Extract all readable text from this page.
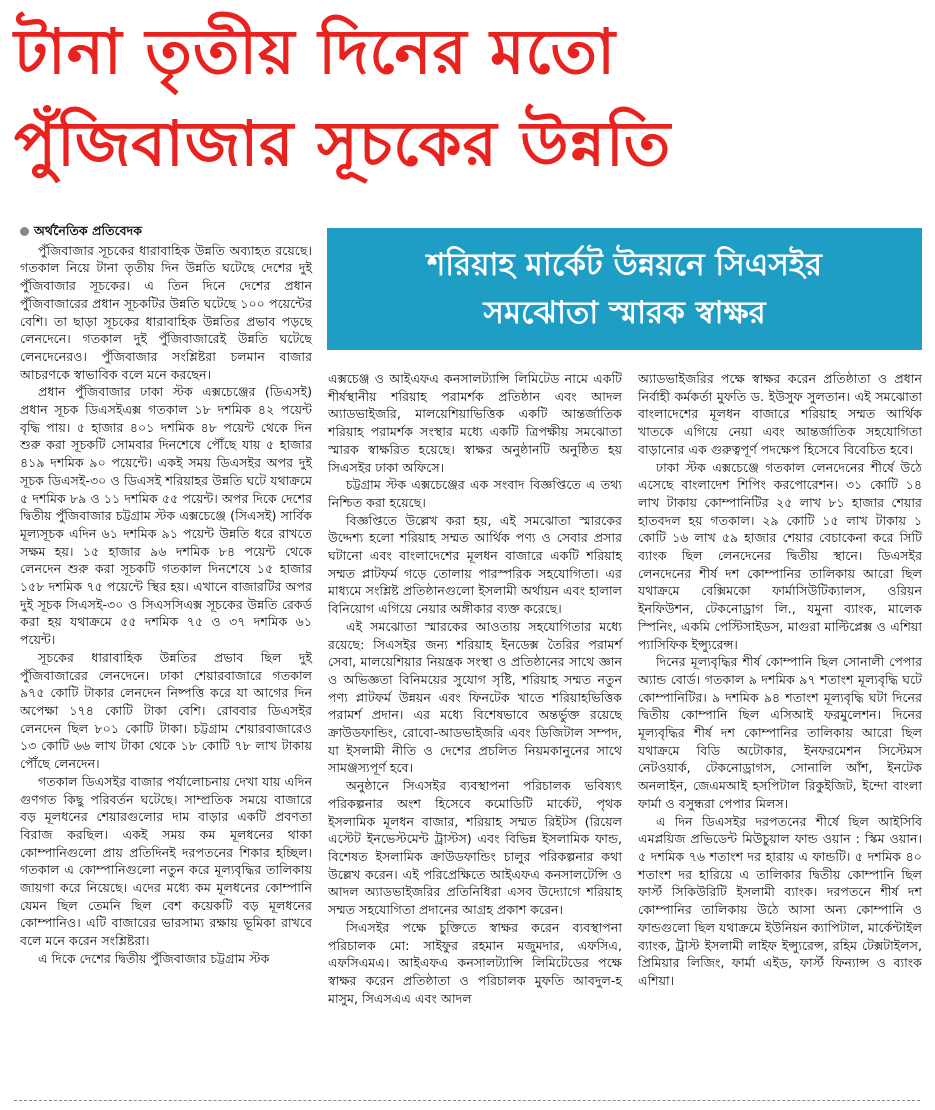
টানা তৃতীয় দিনের মতো
পুঁজিবাজার সূচকের উন্নতি
শরিয়াহ মার্কেট উন্নয়নে সিএসইর
সমঝোতা স্মারক স্বাক্ষর

অর্থনৈতিক প্রতিবেদক

পুঁজিবাজার সূচকের ধারাবাহিক উন্নতি অব্যাহত রয়েছে। গতকাল নিয়ে টানা তৃতীয় দিন উন্নতি ঘটেছে দেশের দুই পুঁজিবাজার সূচকের। এ তিন দিনে দেশের প্রধান পুঁজিবাজারের প্রধান সূচকটির উন্নতি ঘটেছে ১০০ পয়েন্টের বেশি। তা ছাড়া সূচকের ধারাবাহিক উন্নতির প্রভাব পড়ছে লেনদেনে। গতকাল দুই পুঁজিবাজারেই উন্নতি ঘটেছে লেনদেনেরও। পুঁজিবাজার সংশ্লিষ্টরা চলমান বাজার আচরণকে স্বাভাবিক বলে মনে করছেন।

প্রধান পুঁজিবাজার ঢাকা স্টক এক্সচেঞ্জের (ডিএসই) প্রধান সূচক ডিএসইএক্স গতকাল ১৮ দশমিক ৪২ পয়েন্ট বৃদ্ধি পায়। ৫ হাজার ৪০১ দশমিক ৪৮ পয়েন্ট থেকে দিন শুরু করা সূচকটি সোমবার দিনশেষে পৌঁছে যায় ৫ হাজার ৪১৯ দশমিক ৯০ পয়েন্টে। একই সময় ডিএসইর অপর দুই সূচক ডিএসই-৩০ ও ডিএসই শরিয়াহর উন্নতি ঘটে যথাক্রমে ৫ দশমিক ৮৯ ও ১১ দশমিক ৫৫ পয়েন্ট। অপর দিকে দেশের দ্বিতীয় পুঁজিবাজার চট্টগ্রাম স্টক এক্সচেঞ্জে (সিএসই) সার্বিক মূল্যসূচক এদিন ৬১ দশমিক ৯১ পয়েন্ট উন্নতি ধরে রাখতে সক্ষম হয়। ১৫ হাজার ৯৬ দশমিক ৮৪ পয়েন্ট থেকে লেনদেন শুরু করা সূচকটি গতকাল দিনশেষে ১৫ হাজার ১৫৮ দশমিক ৭৫ পয়েন্টে স্থির হয়। এখানে বাজারটির অপর দুই সূচক সিএসই-৩০ ও সিএসসিএক্স সূচকের উন্নতি রেকর্ড করা হয় যথাক্রমে ৫৫ দশমিক ৭৫ ও ৩৭ দশমিক ৬১ পয়েন্ট।

সূচকের ধারাবাহিক উন্নতির প্রভাব ছিল দুই পুঁজিবাজারের লেনদেনে। ঢাকা শেয়ারবাজারে গতকাল ৯৭৫ কোটি টাকার লেনদেন নিষ্পত্তি করে যা আগের দিন অপেক্ষা ১৭৪ কোটি টাকা বেশি। রোববার ডিএসইর লেনদেন ছিল ৮০১ কোটি টাকা। চট্টগ্রাম শেয়ারবাজারেও ১৩ কোটি ৬৬ লাখ টাকা থেকে ১৮ কোটি ৭৮ লাখ টাকায় পৌঁছে লেনদেন।

গতকাল ডিএসইর বাজার পর্যালোচনায় দেখা যায় এদিন গুণগত কিছু পরিবর্তন ঘটেছে। সাম্প্রতিক সময়ে বাজারে বড় মূলধনের শেয়ারগুলোর দাম বাড়ার একটি প্রবণতা বিরাজ করছিল। একই সময় কম মূলধনের থাকা কোম্পানিগুলো প্রায় প্রতিদিনই দরপতনের শিকার হচ্ছিল। গতকাল এ কোম্পানিগুলো নতুন করে মূল্যবৃদ্ধির তালিকায় জায়গা করে নিয়েছে। এদের মধ্যে কম মূলধনের কোম্পানি যেমন ছিল তেমনি ছিল বেশ কয়েকটি বড় মূলধনের কোম্পানিও। এটি বাজারের ভারসাম্য রক্ষায় ভূমিকা রাখবে বলে মনে করেন সংশ্লিষ্টরা।

এ দিকে দেশের দ্বিতীয় পুঁজিবাজার চট্টগ্রাম স্টক

এক্সচেঞ্জ ও আইএফএ কনসালট্যান্সি লিমিটেড নামে একটি শীর্ষস্থানীয় শরিয়াহ পরামর্শক প্রতিষ্ঠান এবং আদল অ্যাডভাইজরি, মালয়েশিয়াভিত্তিক একটি আন্তর্জাতিক শরিয়াহ পরামর্শক সংস্থার মধ্যে একটি ত্রিপক্ষীয় সমঝোতা স্মারক স্বাক্ষরিত হয়েছে। স্বাক্ষর অনুষ্ঠানটি অনুষ্ঠিত হয় সিএসইর ঢাকা অফিসে।

চট্টগ্রাম স্টক এক্সচেঞ্জের এক সংবাদ বিজ্ঞপ্তিতে এ তথ্য নিশ্চিত করা হয়েছে।

বিজ্ঞপ্তিতে উল্লেখ করা হয়, এই সমঝোতা স্মারকের উদ্দেশ্য হলো শরিয়াহ সম্মত আর্থিক পণ্য ও সেবার প্রসার ঘটানো এবং বাংলাদেশের মূলধন বাজারে একটি শরিয়াহ সম্মত প্লাটফর্ম গড়ে তোলায় পারস্পরিক সহযোগিতা। এর মাধ্যমে সংশ্লিষ্ট প্রতিষ্ঠানগুলো ইসলামী অর্থায়ন এবং হালাল বিনিয়োগ এগিয়ে নেয়ার অঙ্গীকার ব্যক্ত করেছে।

এই সমঝোতা স্মারকের আওতায় সহযোগিতার মধ্যে রয়েছে: সিএসইর জন্য শরিয়াহ ইনডেক্স তৈরির পরামর্শ সেবা, মালয়েশিয়ার নিয়ন্ত্রক সংস্থা ও প্রতিষ্ঠানের সাথে জ্ঞান ও অভিজ্ঞতা বিনিময়ের সুযোগ সৃষ্টি, শরিয়াহ সম্মত নতুন পণ্য প্লাটফর্ম উন্নয়ন এবং ফিনটেক খাতে শরিয়াহভিত্তিক পরামর্শ প্রদান। এর মধ্যে বিশেষভাবে অন্তর্ভুক্ত রয়েছে ক্রাউডফান্ডিং, রোবো-আডভাইজরি এবং ডিজিটাল সম্পদ, যা ইসলামী নীতি ও দেশের প্রচলিত নিয়মকানুনের সাথে সামঞ্জস্যপূর্ণ হবে।

অনুষ্ঠানে সিএসইর ব্যবস্থাপনা পরিচালক ভবিষ্যৎ পরিকল্পনার অংশ হিসেবে কমোডিটি মার্কেট, পৃথক ইসলামিক মূলধন বাজার, শরিয়াহ সম্মত রিইটস (রিয়েল এস্টেট ইনভেস্টমেন্ট ট্রাস্টস) এবং বিভিন্ন ইসলামিক ফান্ড, বিশেষত ইসলামিক ক্রাউডফান্ডিং চালুর পরিকল্পনার কথা উল্লেখ করেন। এই পরিপ্রেক্ষিতে আইএফএ কনসালটেন্সি ও আদল অ্যাডভাইজরির প্রতিনিধিরা এসব উদ্যোগে শরিয়াহ সম্মত সহযোগিতা প্রদানের আগ্রহ প্রকাশ করেন।

সিএসইর পক্ষে চুক্তিতে স্বাক্ষর করেন ব্যবস্থাপনা পরিচালক মো: সাইফুর রহমান মজুমদার, এফসিএ, এফসিএমএ। আইএফএ কনসালট্যান্সি লিমিটেডের পক্ষে স্বাক্ষর করেন প্রতিষ্ঠাতা ও পরিচালক মুফতি আবদুল-হ মাসুম, সিএসএএ এবং আদল

অ্যাডভাইজরির পক্ষে স্বাক্ষর করেন প্রতিষ্ঠাতা ও প্রধান নির্বাহী কর্মকর্তা মুফতি ড. ইউসুফ সুলতান। এই সমঝোতা বাংলাদেশের মূলধন বাজারে শরিয়াহ সম্মত আর্থিক খাতকে এগিয়ে নেয়া এবং আন্তর্জাতিক সহযোগিতা বাড়ানোর এক গুরুত্বপূর্ণ পদক্ষেপ হিসেবে বিবেচিত হবে।

ঢাকা স্টক এক্সচেঞ্জে গতকাল লেনদেনের শীর্ষে উঠে এসেছে বাংলাদেশ শিপিং করপোরেশন। ৩১ কোটি ১৪ লাখ টাকায় কোম্পানিটির ২৫ লাখ ৮১ হাজার শেয়ার হাতবদল হয় গতকাল। ২৯ কোটি ১৫ লাখ টাকায় ১ কোটি ১৬ লাখ ৫৯ হাজার শেয়ার বেচাকেনা করে সিটি ব্যাংক ছিল লেনদেনের দ্বিতীয় স্থানে। ডিএসইর লেনদেনের শীর্ষ দশ কোম্পানির তালিকায় আরো ছিল যথাক্রমে বেক্সিমকো ফার্মাসিউটিক্যালস, ওরিয়ন ইনফিউশন, টেকনোড্রাগ লি., যমুনা ব্যাংক, মালেক স্পিনিং, একমি পেস্টিসাইডস, মাগুরা মাল্টিপ্লেক্স ও এশিয়া প্যাসিফিক ইন্স্যুরেন্স।

দিনের মূল্যবৃদ্ধির শীর্ষ কোম্পানি ছিল সোনালী পেপার অ্যান্ড বোর্ড। গতকাল ৯ দশমিক ৯৭ শতাংশ মূল্যবৃদ্ধি ঘটে কোম্পানিটির। ৯ দশমিক ৯৪ শতাংশ মূল্যবৃদ্ধি ঘটা দিনের দ্বিতীয় কোম্পানি ছিল এসিআই ফরমুলেশন। দিনের মূল্যবৃদ্ধির শীর্ষ দশ কোম্পানির তালিকায় আরো ছিল যথাক্রমে বিডি অটোকার, ইনফরমেশন সিস্টেমস নেটওয়ার্ক, টেকনোড্রাগস, সোনালি আঁশ, ইনটেক অনলাইন, জেএমআই হসপিটাল রিকুইজিট, ইন্দো বাংলা ফার্মা ও বসুন্ধরা পেপার মিলস।

এ দিন ডিএসইর দরপতনের শীর্ষে ছিল আইসিবি এমপ্লয়িজ প্রভিডেন্ট মিউচুয়াল ফান্ড ওয়ান : স্কিম ওয়ান। ৫ দশমিক ৭৬ শতাংশ দর হারায় এ ফান্ডটি। ৫ দশমিক ৪০ শতাংশ দর হারিয়ে এ তালিকার দ্বিতীয় কোম্পানি ছিল ফার্স্ট সিকিউরিটি ইসলামী ব্যাংক। দরপতনে শীর্ষ দশ কোম্পানির তালিকায় উঠে আসা অন্য কোম্পানি ও ফান্ডগুলো ছিল যথাক্রমে ইউনিয়ন ক্যাপিটাল, মার্কেন্টাইল ব্যাংক, ট্রাস্ট ইসলামী লাইফ ইন্স্যুরেন্স, রহিম টেক্সটাইলস, প্রিমিয়ার লিজিং, ফার্মা এইড, ফার্স্ট ফিন্যান্স ও ব্যাংক এশিয়া।
